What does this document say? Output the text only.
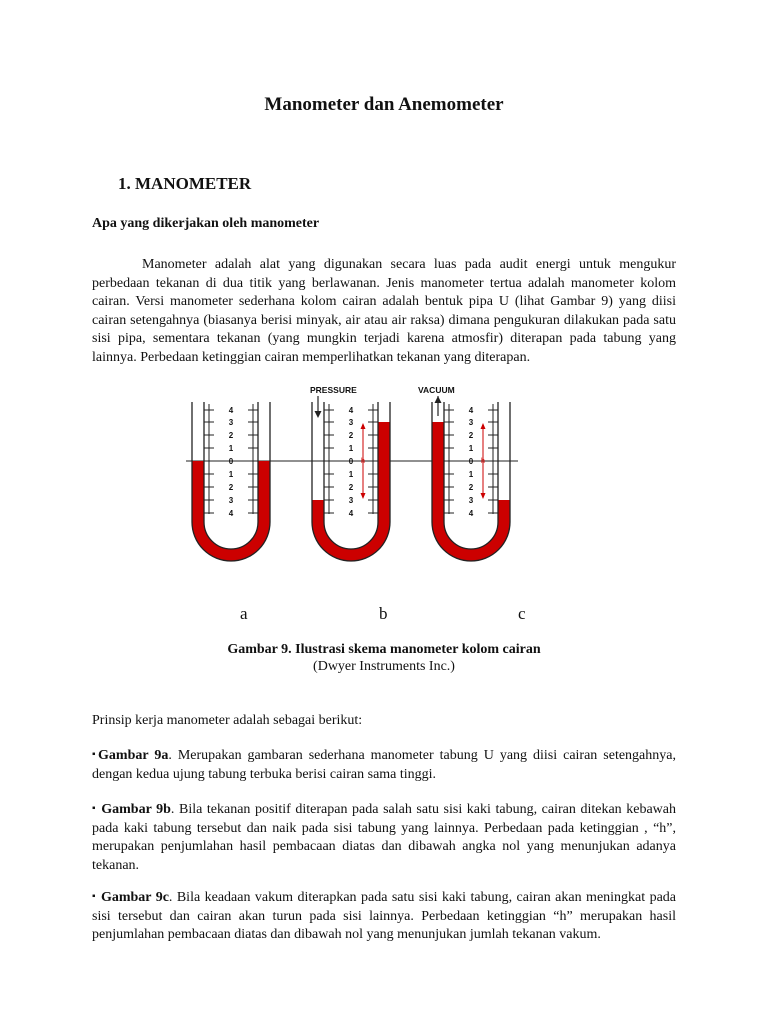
Manometer dan Anemometer
1. MANOMETER
Apa yang dikerjakan oleh manometer
Manometer adalah alat yang digunakan secara luas pada audit energi untuk mengukur perbedaan tekanan di dua titik yang berlawanan. Jenis manometer tertua adalah manometer kolom cairan. Versi manometer sederhana kolom cairan adalah bentuk pipa U (lihat Gambar 9) yang diisi cairan setengahnya (biasanya berisi minyak, air atau air raksa) dimana pengukuran dilakukan pada satu sisi pipa, sementara tekanan (yang mungkin terjadi karena atmosfir) diterapan pada tabung yang lainnya. Perbedaan ketinggian cairan memperlihatkan tekanan yang diterapan.
4
3
2
1
0
1
2
3
4
4
3
2
1
0
1
2
3
4
h
PRESSURE
4
3
2
1
0
1
2
3
4
h
VACUUM
a	b	c
Gambar 9. Ilustrasi skema manometer kolom cairan
(Dwyer Instruments Inc.)
Prinsip kerja manometer adalah sebagai berikut:
▪Gambar 9a. Merupakan gambaran sederhana manometer tabung U yang diisi cairan setengahnya, dengan kedua ujung tabung terbuka berisi cairan sama tinggi.
▪ Gambar 9b. Bila tekanan positif diterapan pada salah satu sisi kaki tabung, cairan ditekan kebawah pada kaki tabung tersebut dan naik pada sisi tabung yang lainnya. Perbedaan pada ketinggian , “h”, merupakan penjumlahan hasil pembacaan diatas dan dibawah angka nol yang menunjukan adanya tekanan.
▪ Gambar 9c. Bila keadaan vakum diterapkan pada satu sisi kaki tabung, cairan akan meningkat pada sisi tersebut dan cairan akan turun pada sisi lainnya. Perbedaan ketinggian “h” merupakan hasil penjumlahan pembacaan diatas dan dibawah nol yang menunjukan jumlah tekanan vakum.
